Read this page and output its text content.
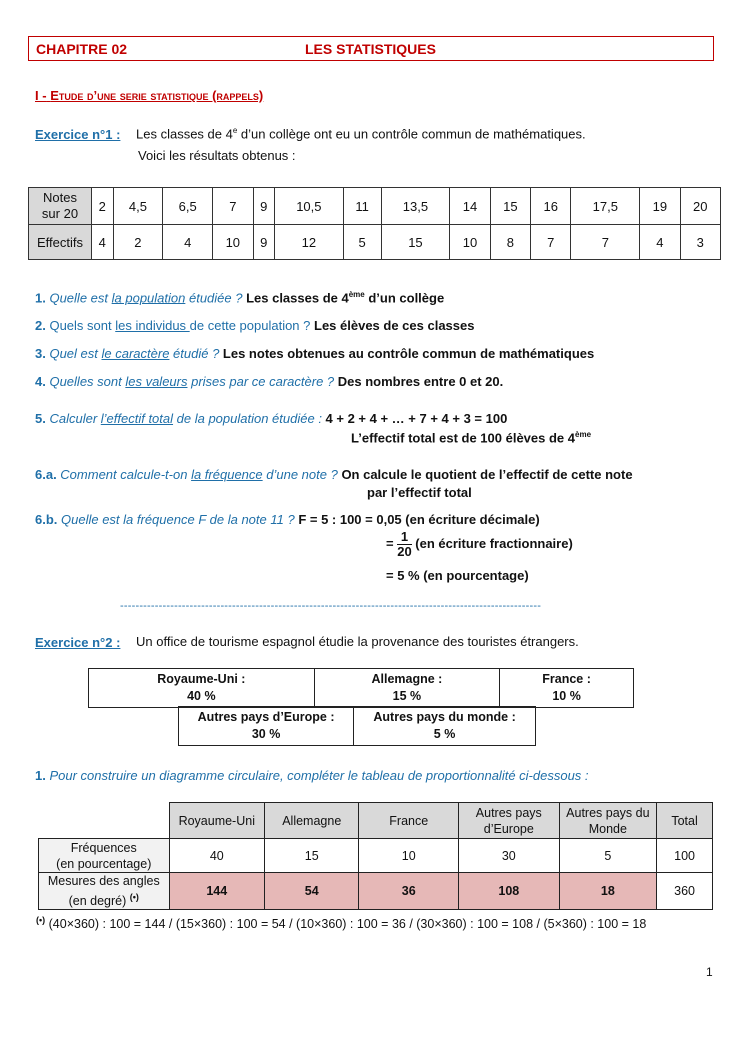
CHAPITRE 02	LES STATISTIQUES
I - Etude d’une serie statistique (rappels)
Exercice n°1 : Les classes de 4e d’un collège ont eu un contrôle commun de mathématiques.
Voici les résultats obtenus :
Notes
sur 20	2	4,5	6,5	7	9	10,5	11	13,5	14	15	16	17,5	19	20
Effectifs	4	2	4	10	9	12	5	15	10	8	7	7	4	3
1. Quelle est la population étudiée ? Les classes de 4ème d’un collège
2. Quels sont les individus de cette population ? Les élèves de ces classes
3. Quel est le caractère étudié ? Les notes obtenues au contrôle commun de mathématiques
4. Quelles sont les valeurs prises par ce caractère ? Des nombres entre 0 et 20.
5. Calculer l’effectif total de la population étudiée : 4 + 2 + 4 + … + 7 + 4 + 3 = 100
L’effectif total est de 100 élèves de 4ème
6.a. Comment calcule-t-on la fréquence d’une note ? On calcule le quotient de l’effectif de cette note
par l’effectif total
6.b. Quelle est la fréquence F de la note 11 ? F = 5 : 100 = 0,05 (en écriture décimale)
= $\frac{1}{20} (en$ écriture fractionnaire)
= 5 % (en pourcentage)
-------------------------------------------------------------------------------------------------------------
Exercice n°2 : Un office de tourisme espagnol étudie la provenance des touristes étrangers.
Royaume-Uni :
40 %	Allemagne :
15 %	France :
10 %
Autres pays d’Europe :
30 %	Autres pays du monde :
5 %
1. Pour construire un diagramme circulaire, compléter le tableau de proportionnalité ci-dessous :
	Royaume-Uni	Allemagne	France	Autres pays d’Europe	Autres pays du Monde	Total
Fréquences
(en pourcentage)	40	15	10	30	5	100
Mesures des angles
(en degré) (•)	144	54	36	108	18	360
(•) (40×360) : 100 = 144 / (15×360) : 100 = 54 / (10×360) : 100 = 36 / (30×360) : 100 = 108 / (5×360) : 100 = 18
1
